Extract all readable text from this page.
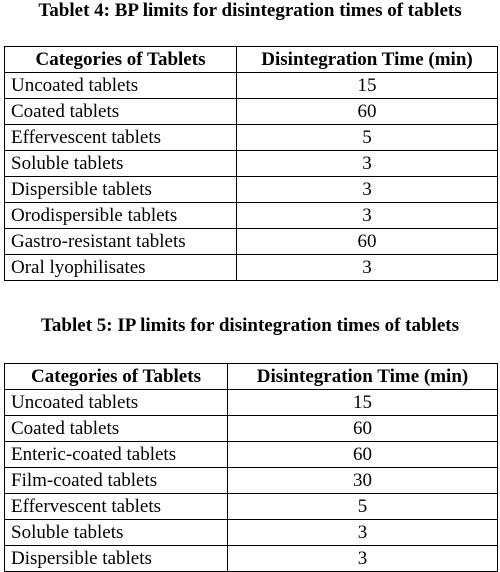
Tablet 4: BP limits for disintegration times of tablets
Categories of Tablets	Disintegration Time (min)
Uncoated tablets	15
Coated tablets	60
Effervescent tablets	5
Soluble tablets	3
Dispersible tablets	3
Orodispersible tablets	3
Gastro-resistant tablets	60
Oral lyophilisates	3
Tablet 5: IP limits for disintegration times of tablets
Categories of Tablets	Disintegration Time (min)
Uncoated tablets	15
Coated tablets	60
Enteric-coated tablets	60
Film-coated tablets	30
Effervescent tablets	5
Soluble tablets	3
Dispersible tablets	3
